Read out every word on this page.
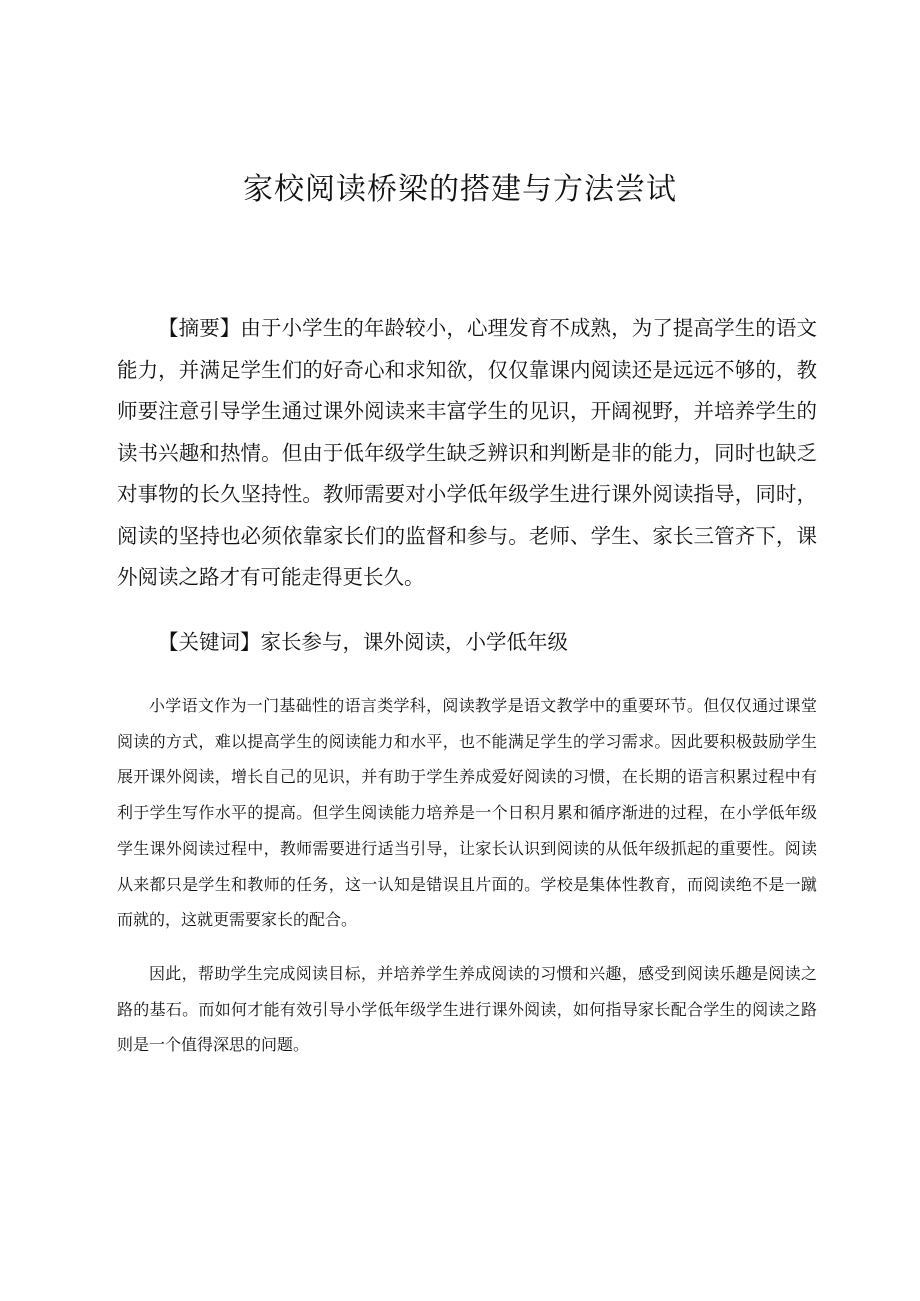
家校阅读桥梁的搭建与方法尝试

【摘要】由于小学生的年龄较小，心理发育不成熟，为了提高学生的语文能力，并满足学生们的好奇心和求知欲，仅仅靠课内阅读还是远远不够的，教师要注意引导学生通过课外阅读来丰富学生的见识，开阔视野，并培养学生的读书兴趣和热情。但由于低年级学生缺乏辨识和判断是非的能力，同时也缺乏对事物的长久坚持性。教师需要对小学低年级学生进行课外阅读指导，同时，阅读的坚持也必须依靠家长们的监督和参与。老师、学生、家长三管齐下，课外阅读之路才有可能走得更长久。

【关键词】家长参与，课外阅读，小学低年级

小学语文作为一门基础性的语言类学科，阅读教学是语文教学中的重要环节。但仅仅通过课堂阅读的方式，难以提高学生的阅读能力和水平，也不能满足学生的学习需求。因此要积极鼓励学生展开课外阅读，增长自己的见识，并有助于学生养成爱好阅读的习惯，在长期的语言积累过程中有利于学生写作水平的提高。但学生阅读能力培养是一个日积月累和循序渐进的过程，在小学低年级学生课外阅读过程中，教师需要进行适当引导，让家长认识到阅读的从低年级抓起的重要性。阅读从来都只是学生和教师的任务，这一认知是错误且片面的。学校是集体性教育，而阅读绝不是一蹴而就的，这就更需要家长的配合。

因此，帮助学生完成阅读目标，并培养学生养成阅读的习惯和兴趣，感受到阅读乐趣是阅读之路的基石。而如何才能有效引导小学低年级学生进行课外阅读，如何指导家长配合学生的阅读之路则是一个值得深思的问题。
